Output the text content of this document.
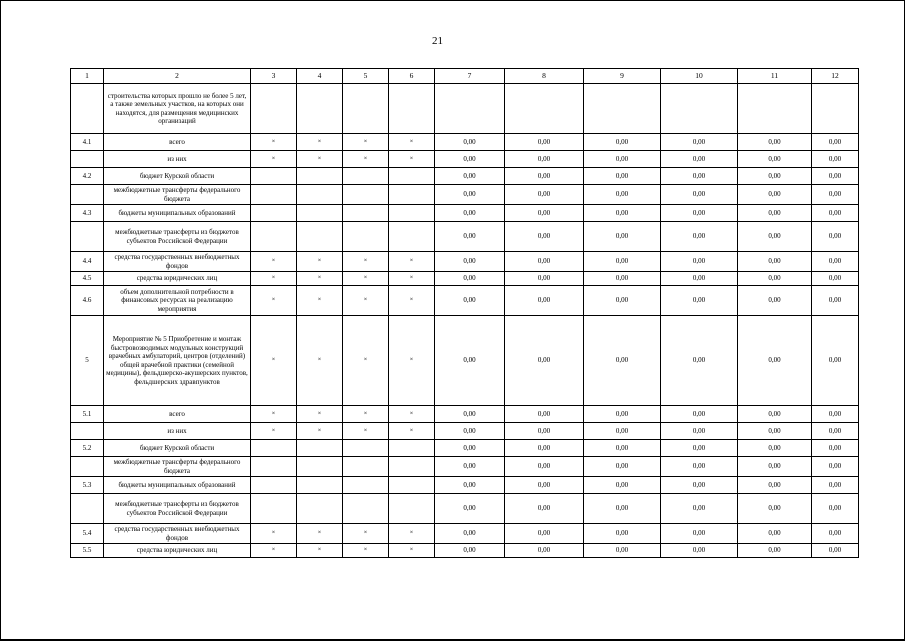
21
1	2	3	4	5	6	7	8	9	10	11	12
	строительства которых прошло не более 5 лет, а также земельных участков, на которых они находятся, для размещения медицинских организаций										
4.1	всего	×	×	×	×	0,00	0,00	0,00	0,00	0,00	0,00
	из них	×	×	×	×	0,00	0,00	0,00	0,00	0,00	0,00
4.2	бюджет Курской области					0,00	0,00	0,00	0,00	0,00	0,00
	межбюджетные трансферты федерального бюджета					0,00	0,00	0,00	0,00	0,00	0,00
4.3	бюджеты муниципальных образований					0,00	0,00	0,00	0,00	0,00	0,00
	межбюджетные трансферты из бюджетов субъектов Российской Федерации					0,00	0,00	0,00	0,00	0,00	0,00
4.4	средства государственных внебюджетных фондов	×	×	×	×	0,00	0,00	0,00	0,00	0,00	0,00
4.5	средства юридических лиц	×	×	×	×	0,00	0,00	0,00	0,00	0,00	0,00
4.6	объем дополнительной потребности в финансовых ресурсах на реализацию мероприятия	×	×	×	×	0,00	0,00	0,00	0,00	0,00	0,00
5	Мероприятие № 5 Приобретение и монтаж быстровозводимых модульных конструкций врачебных амбулаторий, центров (отделений) общей врачебной практики (семейной медицины), фельдшерско-акушерских пунктов, фельдшерских здравпунктов	×	×	×	×	0,00	0,00	0,00	0,00	0,00	0,00
5.1	всего	×	×	×	×	0,00	0,00	0,00	0,00	0,00	0,00
	из них	×	×	×	×	0,00	0,00	0,00	0,00	0,00	0,00
5.2	бюджет Курской области					0,00	0,00	0,00	0,00	0,00	0,00
	межбюджетные трансферты федерального бюджета					0,00	0,00	0,00	0,00	0,00	0,00
5.3	бюджеты муниципальных образований					0,00	0,00	0,00	0,00	0,00	0,00
	межбюджетные трансферты из бюджетов субъектов Российской Федерации					0,00	0,00	0,00	0,00	0,00	0,00
5.4	средства государственных внебюджетных фондов	×	×	×	×	0,00	0,00	0,00	0,00	0,00	0,00
5.5	средства юридических лиц	×	×	×	×	0,00	0,00	0,00	0,00	0,00	0,00
